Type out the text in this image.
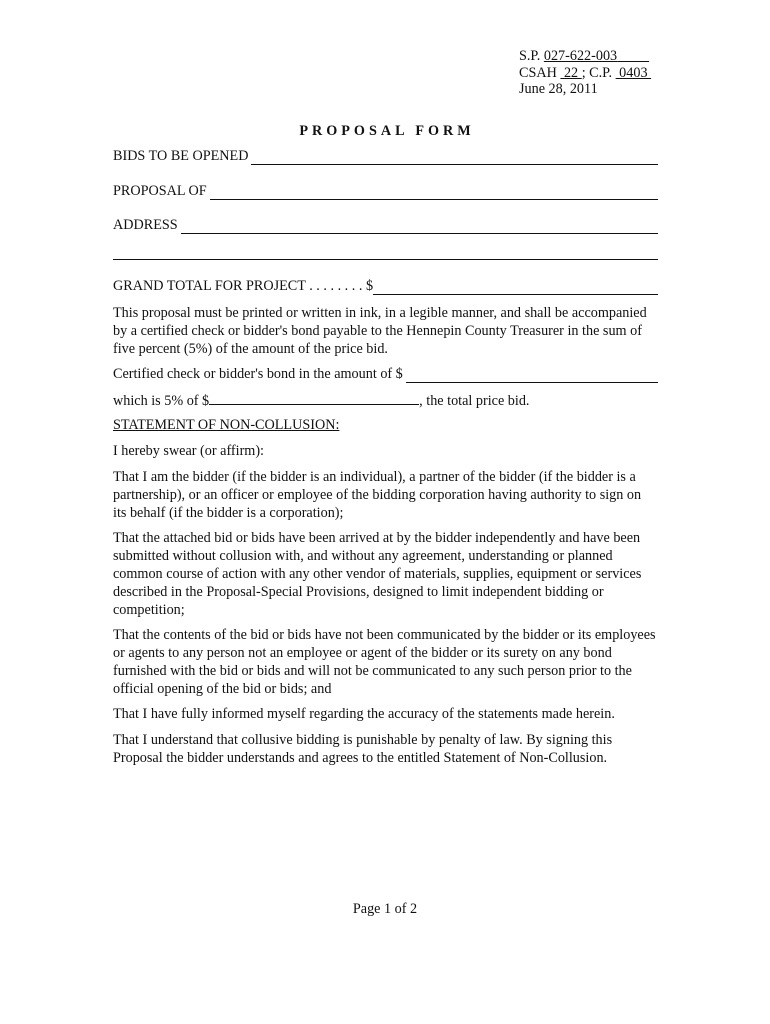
S.P. 027-622-003
CSAH  22 ; C.P.  0403
June 28, 2011
PROPOSAL FORM
BIDS TO BE OPENED
PROPOSAL OF
ADDRESS
GRAND TOTAL FOR PROJECT . . . . . . . . $
This proposal must be printed or written in ink, in a legible manner, and shall be accompanied by a certified check or bidder's bond payable to the Hennepin County Treasurer in the sum of five percent (5%) of the amount of the price bid.
Certified check or bidder's bond in the amount of $
which is 5% of $	, the total price bid.
STATEMENT OF NON-COLLUSION:
I hereby swear (or affirm):
That I am the bidder (if the bidder is an individual), a partner of the bidder (if the bidder is a partnership), or an officer or employee of the bidding corporation having authority to sign on its behalf (if the bidder is a corporation);
That the attached bid or bids have been arrived at by the bidder independently and have been submitted without collusion with, and without any agreement, understanding or planned common course of action with any other vendor of materials, supplies, equipment or services described in the Proposal-Special Provisions, designed to limit independent bidding or competition;
That the contents of the bid or bids have not been communicated by the bidder or its employees or agents to any person not an employee or agent of the bidder or its surety on any bond furnished with the bid or bids and will not be communicated to any such person prior to the official opening of the bid or bids; and
That I have fully informed myself regarding the accuracy of the statements made herein.
That I understand that collusive bidding is punishable by penalty of law. By signing this Proposal the bidder understands and agrees to the entitled Statement of Non-Collusion.
Page 1 of 2
